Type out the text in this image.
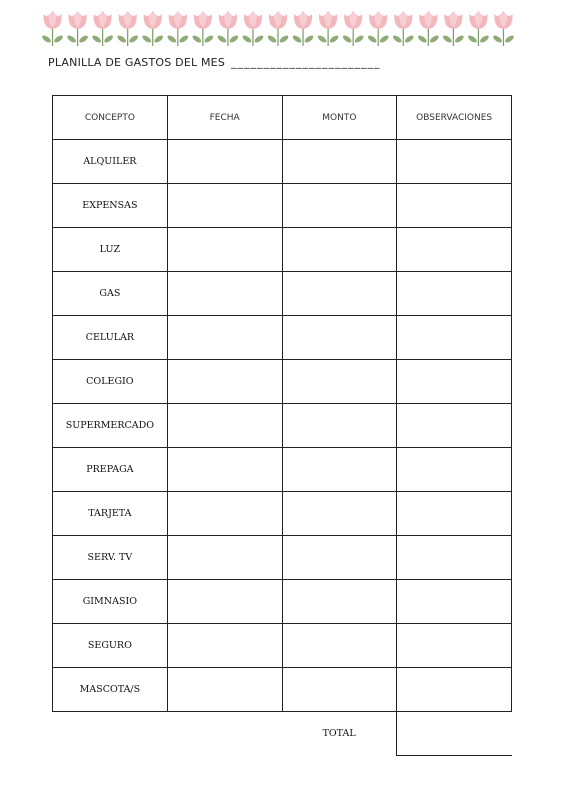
PLANILLA DE GASTOS DEL MES _______________________
CONCEPTO	FECHA	MONTO	OBSERVACIONES
ALQUILER			
EXPENSAS			
LUZ			
GAS			
CELULAR			
COLEGIO			
SUPERMERCADO			
PREPAGA			
TARJETA			
SERV. TV			
GIMNASIO			
SEGURO			
MASCOTA/S			
		TOTAL	
